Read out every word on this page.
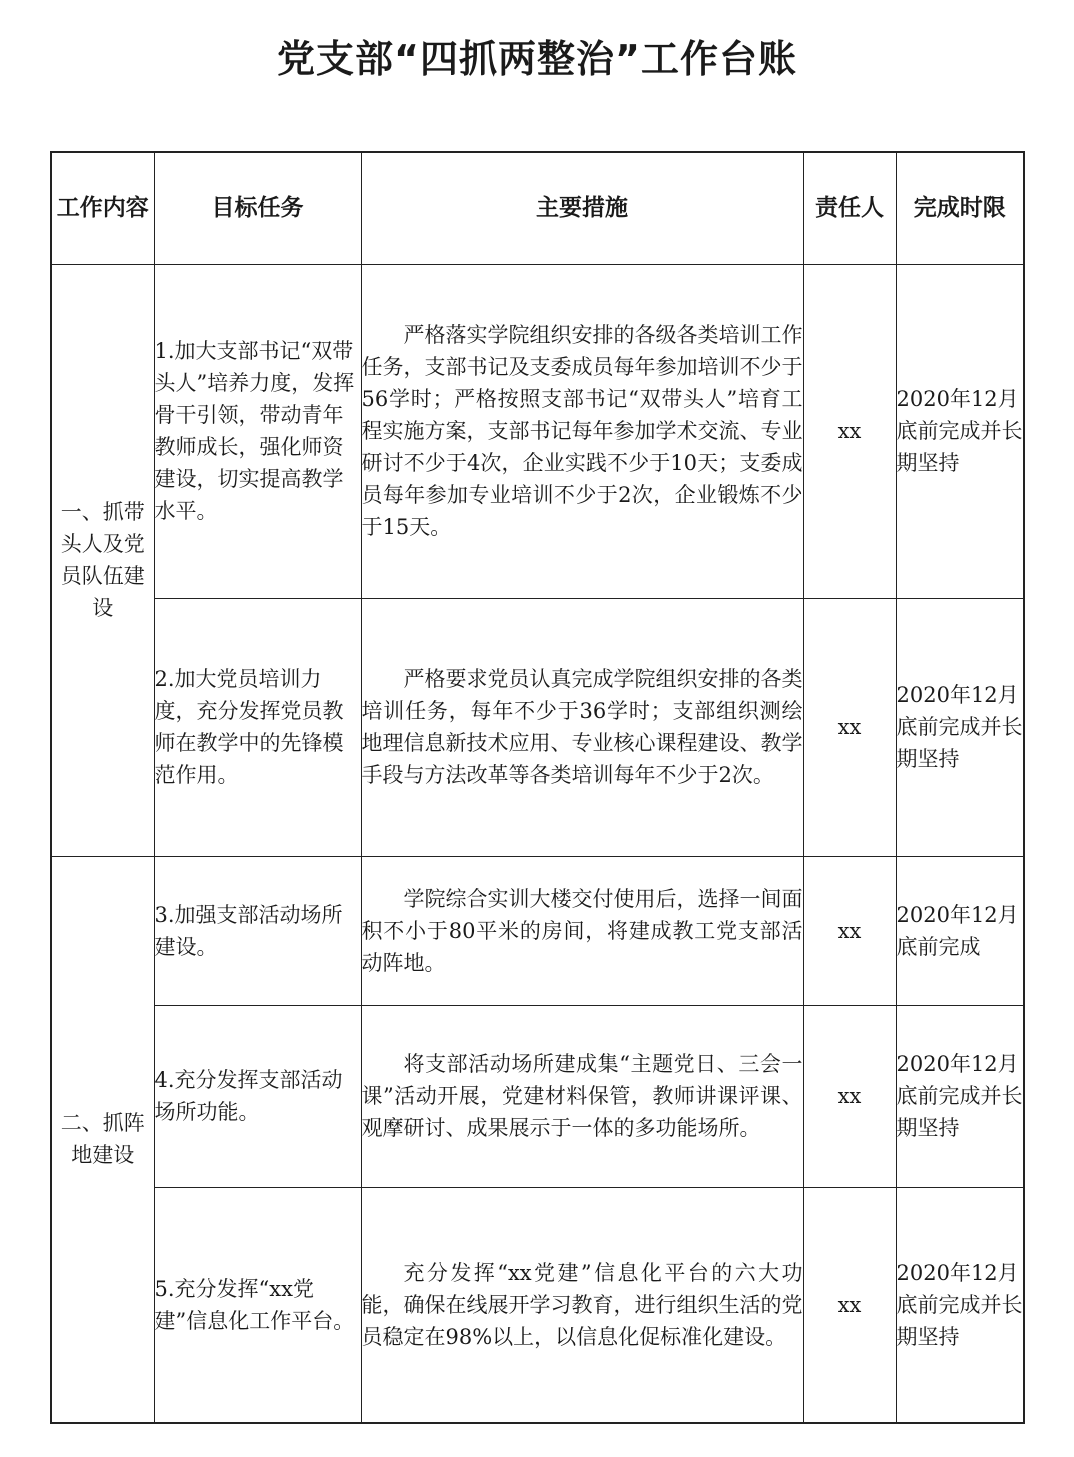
党支部“四抓两整治”工作台账
工作内容	目标任务	主要措施	责任人	完成时限
一、抓带头人及党员队伍建设	1.加大支部书记“双带头人”培养力度，发挥骨干引领，带动青年教师成长，强化师资建设，切实提高教学水平。	严格落实学院组织安排的各级各类培训工作任务，支部书记及支委成员每年参加培训不少于56学时；严格按照支部书记“双带头人”培育工程实施方案，支部书记每年参加学术交流、专业研讨不少于4次，企业实践不少于10天；支委成员每年参加专业培训不少于2次，企业锻炼不少于15天。	xx	2020年12月底前完成并长期坚持
	2.加大党员培训力度，充分发挥党员教师在教学中的先锋模范作用。	严格要求党员认真完成学院组织安排的各类培训任务，每年不少于36学时；支部组织测绘地理信息新技术应用、专业核心课程建设、教学手段与方法改革等各类培训每年不少于2次。	xx	2020年12月底前完成并长期坚持
二、抓阵地建设	3.加强支部活动场所建设。	学院综合实训大楼交付使用后，选择一间面积不小于80平米的房间，将建成教工党支部活动阵地。	xx	2020年12月底前完成
	4.充分发挥支部活动场所功能。	将支部活动场所建成集“主题党日、三会一课”活动开展，党建材料保管，教师讲课评课、观摩研讨、成果展示于一体的多功能场所。	xx	2020年12月底前完成并长期坚持
	5.充分发挥“xx党建”信息化工作平台。	充分发挥“xx党建”信息化平台的六大功能，确保在线展开学习教育，进行组织生活的党员稳定在98%以上，以信息化促标准化建设。	xx	2020年12月底前完成并长期坚持
